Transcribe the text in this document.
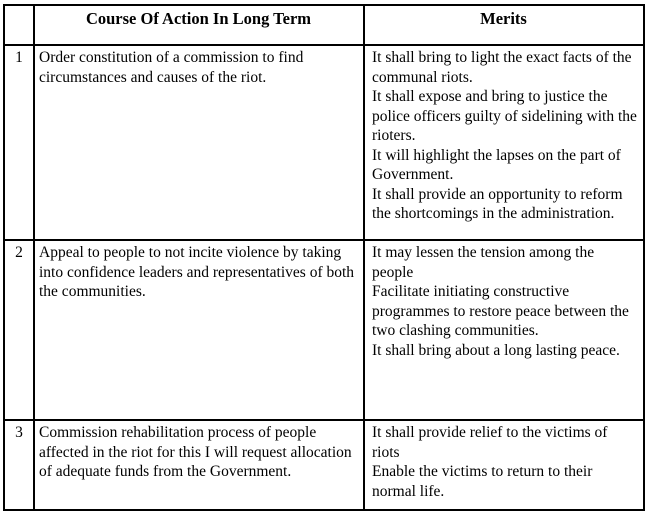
	Course Of Action In Long Term	Merits
1	Order constitution of a commission to find circumstances and causes of the riot.	It shall bring to light the exact facts of the communal riots.
It shall expose and bring to justice the police officers guilty of sidelining with the rioters.
It will highlight the lapses on the part of Government.
It shall provide an opportunity to reform the shortcomings in the administration.

2	Appeal to people to not incite violence by taking into confidence leaders and representatives of both the communities.	It may lessen the tension among the people
Facilitate initiating constructive programmes to restore peace between the two clashing communities.
It shall bring about a long lasting peace.

3	Commission rehabilitation process of people affected in the riot for this I will request allocation of adequate funds from the Government.	It shall provide relief to the victims of riots
Enable the victims to return to their normal life.
